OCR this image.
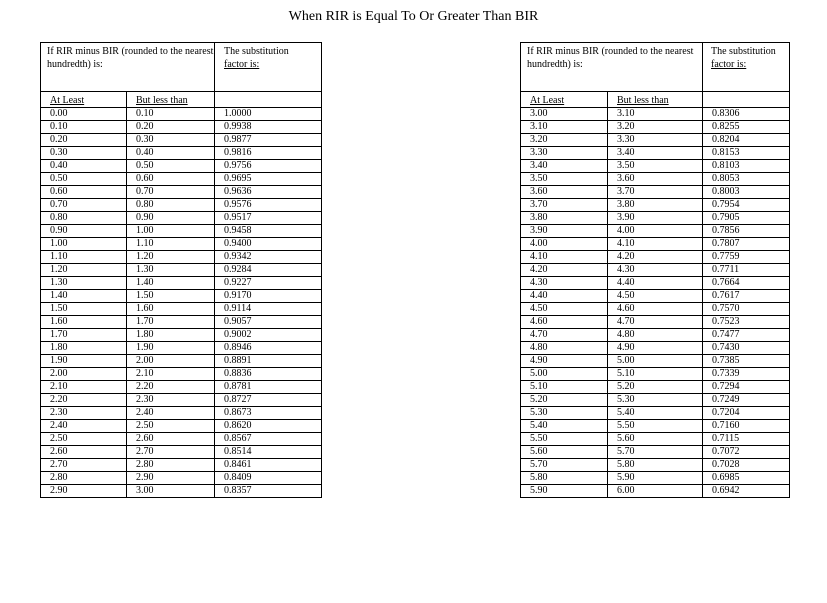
When RIR is Equal To Or Greater Than BIR
If RIR minus BIR (rounded to the nearest hundredth) is:		The substitution
factor is:
At Least	But less than	
0.00	0.10	1.0000
0.10	0.20	0.9938
0.20	0.30	0.9877
0.30	0.40	0.9816
0.40	0.50	0.9756
0.50	0.60	0.9695
0.60	0.70	0.9636
0.70	0.80	0.9576
0.80	0.90	0.9517
0.90	1.00	0.9458
1.00	1.10	0.9400
1.10	1.20	0.9342
1.20	1.30	0.9284
1.30	1.40	0.9227
1.40	1.50	0.9170
1.50	1.60	0.9114
1.60	1.70	0.9057
1.70	1.80	0.9002
1.80	1.90	0.8946
1.90	2.00	0.8891
2.00	2.10	0.8836
2.10	2.20	0.8781
2.20	2.30	0.8727
2.30	2.40	0.8673
2.40	2.50	0.8620
2.50	2.60	0.8567
2.60	2.70	0.8514
2.70	2.80	0.8461
2.80	2.90	0.8409
2.90	3.00	0.8357
If RIR minus BIR (rounded to the nearest hundredth) is:		The substitution
factor is:
At Least	But less than	
3.00	3.10	0.8306
3.10	3.20	0.8255
3.20	3.30	0.8204
3.30	3.40	0.8153
3.40	3.50	0.8103
3.50	3.60	0.8053
3.60	3.70	0.8003
3.70	3.80	0.7954
3.80	3.90	0.7905
3.90	4.00	0.7856
4.00	4.10	0.7807
4.10	4.20	0.7759
4.20	4.30	0.7711
4.30	4.40	0.7664
4.40	4.50	0.7617
4.50	4.60	0.7570
4.60	4.70	0.7523
4.70	4.80	0.7477
4.80	4.90	0.7430
4.90	5.00	0.7385
5.00	5.10	0.7339
5.10	5.20	0.7294
5.20	5.30	0.7249
5.30	5.40	0.7204
5.40	5.50	0.7160
5.50	5.60	0.7115
5.60	5.70	0.7072
5.70	5.80	0.7028
5.80	5.90	0.6985
5.90	6.00	0.6942
